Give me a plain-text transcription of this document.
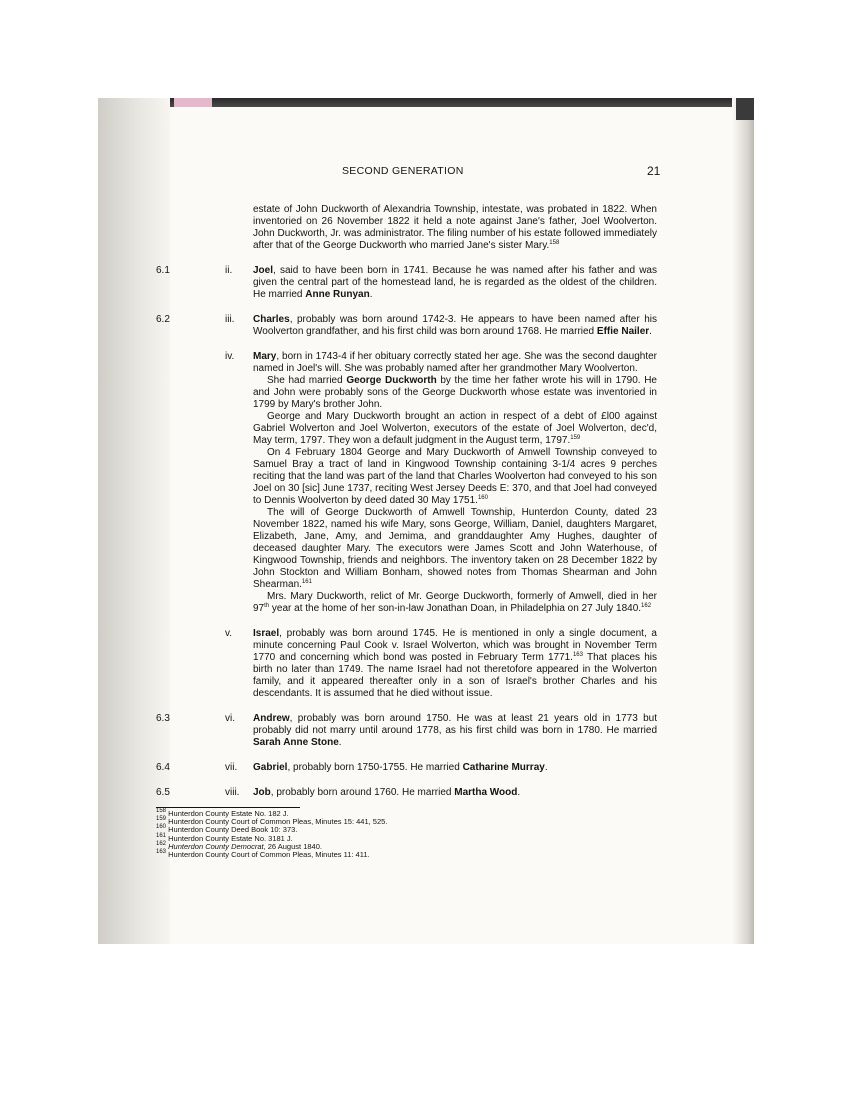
SECOND GENERATION	21

estate of John Duckworth of Alexandria Township, intestate, was probated in 1822. When inventoried on 26 November 1822 it held a note against Jane's father, Joel Woolverton. John Duckworth, Jr. was administrator. The filing number of his estate followed immediately after that of the George Duckworth who married Jane's sister Mary.$^{158}$

6.1	ii. Joel, said to have been born in 1741. Because he was named after his father and was given the central part of the homestead land, he is regarded as the oldest of the children. He married Anne Runyan.

6.2	iii. Charles, probably was born around 1742-3. He appears to have been named after his Woolverton grandfather, and his first child was born around 1768. He married Effie Nailer.

iv. Mary, born in 1743-4 if her obituary correctly stated her age. She was the second daughter named in Joel's will. She was probably named after her grandmother Mary Woolverton.

She had married George Duckworth by the time her father wrote his will in 1790. He and John were probably sons of the George Duckworth whose estate was inventoried in 1799 by Mary's brother John.

George and Mary Duckworth brought an action in respect of a debt of £l00 against Gabriel Wolverton and Joel Wolverton, executors of the estate of Joel Wolverton, dec'd, May term, 1797. They won a default judgment in the August term, 1797.$^{159}$

On 4 February 1804 George and Mary Duckworth of Amwell Township conveyed to Samuel Bray a tract of land in Kingwood Township containing 3-1/4 acres 9 perches reciting that the land was part of the land that Charles Woolverton had conveyed to his son Joel on 30 [sic] June 1737, reciting West Jersey Deeds E: 370, and that Joel had conveyed to Dennis Woolverton by deed dated 30 May 1751.$^{160}$

The will of George Duckworth of Amwell Township, Hunterdon County, dated 23 November 1822, named his wife Mary, sons George, William, Daniel, daughters Margaret, Elizabeth, Jane, Amy, and Jemima, and granddaughter Amy Hughes, daughter of deceased daughter Mary. The executors were James Scott and John Waterhouse, of Kingwood Township, friends and neighbors. The inventory taken on 28 December 1822 by John Stockton and William Bonham, showed notes from Thomas Shearman and John Shearman.$^{161}$

Mrs. Mary Duckworth, relict of Mr. George Duckworth, formerly of Amwell, died in her 97th year at the home of her son-in-law Jonathan Doan, in Philadelphia on 27 July 1840.$^{162}$

v. Israel, probably was born around 1745. He is mentioned in only a single document, a minute concerning Paul Cook v. Israel Wolverton, which was brought in November Term 1770 and concerning which bond was posted in February Term 1771.$^{163}$ That places his birth no later than 1749. The name Israel had not theretofore appeared in the Wolverton family, and it appeared thereafter only in a son of Israel's brother Charles and his descendants. It is assumed that he died without issue.

6.3	vi. Andrew, probably was born around 1750. He was at least 21 years old in 1773 but probably did not marry until around 1778, as his first child was born in 1780. He married Sarah Anne Stone.

6.4	vii. Gabriel, probably born 1750-1755. He married Catharine Murray.

6.5	viii. Job, probably born around 1760. He married Martha Wood.

$^{158}$ Hunterdon County Estate No. 182 J.
$^{159}$ Hunterdon County Court of Common Pleas, Minutes 15: 441, 525.
$^{160}$ Hunterdon County Deed Book 10: 373.
$^{161}$ Hunterdon County Estate No. 3181 J.
$^{162}$ Hunterdon County Democrat, 26 August 1840.
$^{163}$ Hunterdon County Court of Common Pleas, Minutes 11: 411.
